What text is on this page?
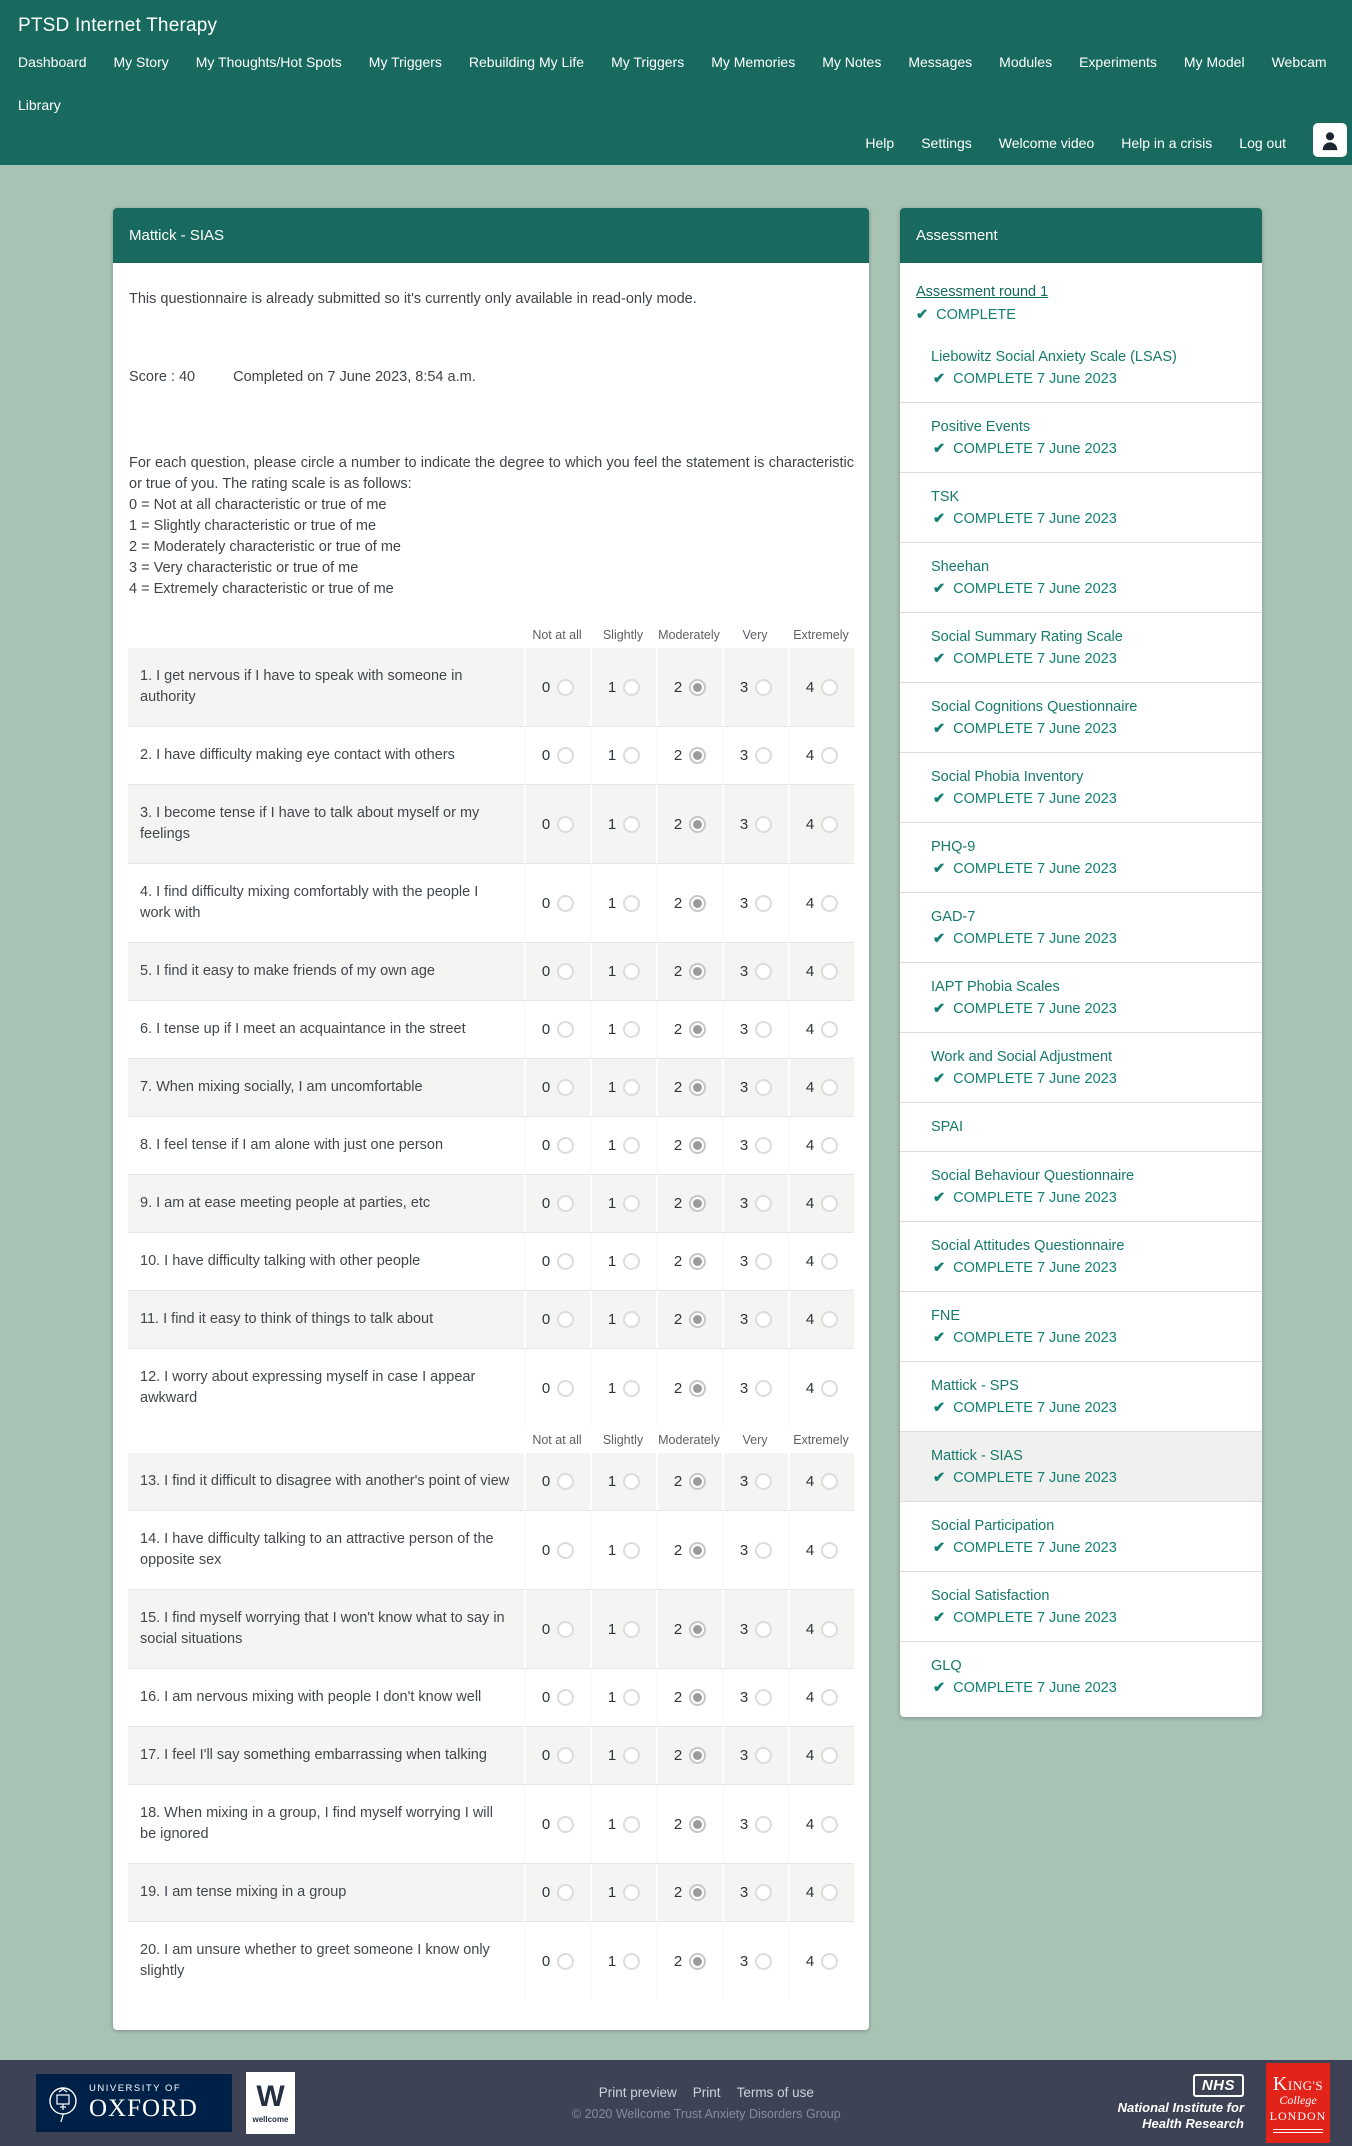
PTSD Internet Therapy
Dashboard My Story My Thoughts/Hot Spots My Triggers Rebuilding My Life My Triggers My Memories My Notes Messages Modules Experiments My Model Webcam
Library
Help Settings Welcome video Help in a crisis Log out
Mattick - SIAS

This questionnaire is already submitted so it's currently only available in read-only mode.

Score : 40	Completed on 7 June 2023, 8:54 a.m.

For each question, please circle a number to indicate the degree to which you feel the statement is characteristic or true of you. The rating scale is as follows:
0 = Not at all characteristic or true of me
1 = Slightly characteristic or true of me
2 = Moderately characteristic or true of me
3 = Very characteristic or true of me
4 = Extremely characteristic or true of me
Not at all	Slightly	Moderately	Very	Extremely
1. I get nervous if I have to speak with someone in authority
0	1	2	3	4
2. I have difficulty making eye contact with others	0	1	2	3	4
3. I become tense if I have to talk about myself or my feelings
0	1	2	3	4
4. I find difficulty mixing comfortably with the people I work with
0	1	2	3	4
5. I find it easy to make friends of my own age	0	1	2	3	4
6. I tense up if I meet an acquaintance in the street	0	1	2	3	4
7. When mixing socially, I am uncomfortable	0	1	2	3	4
8. I feel tense if I am alone with just one person	0	1	2	3	4
9. I am at ease meeting people at parties, etc	0	1	2	3	4
10. I have difficulty talking with other people	0	1	2	3	4
11. I find it easy to think of things to talk about	0	1	2	3	4
12. I worry about expressing myself in case I appear awkward
0	1	2	3	4
Not at all	Slightly	Moderately	Very	Extremely
13. I find it difficult to disagree with another's point of view	0	1	2	3	4
14. I have difficulty talking to an attractive person of the opposite sex
0	1	2	3	4
15. I find myself worrying that I won't know what to say in social situations
0	1	2	3	4
16. I am nervous mixing with people I don't know well	0	1	2	3	4
17. I feel I'll say something embarrassing when talking	0	1	2	3	4
18. When mixing in a group, I find myself worrying I will be ignored
0	1	2	3	4
19. I am tense mixing in a group	0	1	2	3	4
20. I am unsure whether to greet someone I know only slightly
0	1	2	3	4
Assessment
Assessment round 1
✔ COMPLETE
Liebowitz Social Anxiety Scale (LSAS)
✔ COMPLETE 7 June 2023
Positive Events
✔ COMPLETE 7 June 2023
TSK
✔ COMPLETE 7 June 2023
Sheehan
✔ COMPLETE 7 June 2023
Social Summary Rating Scale
✔ COMPLETE 7 June 2023
Social Cognitions Questionnaire
✔ COMPLETE 7 June 2023
Social Phobia Inventory
✔ COMPLETE 7 June 2023
PHQ-9
✔ COMPLETE 7 June 2023
GAD-7
✔ COMPLETE 7 June 2023
IAPT Phobia Scales
✔ COMPLETE 7 June 2023
Work and Social Adjustment
✔ COMPLETE 7 June 2023
SPAI
Social Behaviour Questionnaire
✔ COMPLETE 7 June 2023
Social Attitudes Questionnaire
✔ COMPLETE 7 June 2023
FNE
✔ COMPLETE 7 June 2023
Mattick - SPS
✔ COMPLETE 7 June 2023
Mattick - SIAS
✔ COMPLETE 7 June 2023
Social Participation
✔ COMPLETE 7 June 2023
Social Satisfaction
✔ COMPLETE 7 June 2023
GLQ
✔ COMPLETE 7 June 2023
UNIVERSITY OF
OXFORD W
wellcome
Print preview Print Terms of use
© 2020 Wellcome Trust Anxiety Disorders Group
NHS
National Institute for
Health Research
KING'S
College
LONDON
